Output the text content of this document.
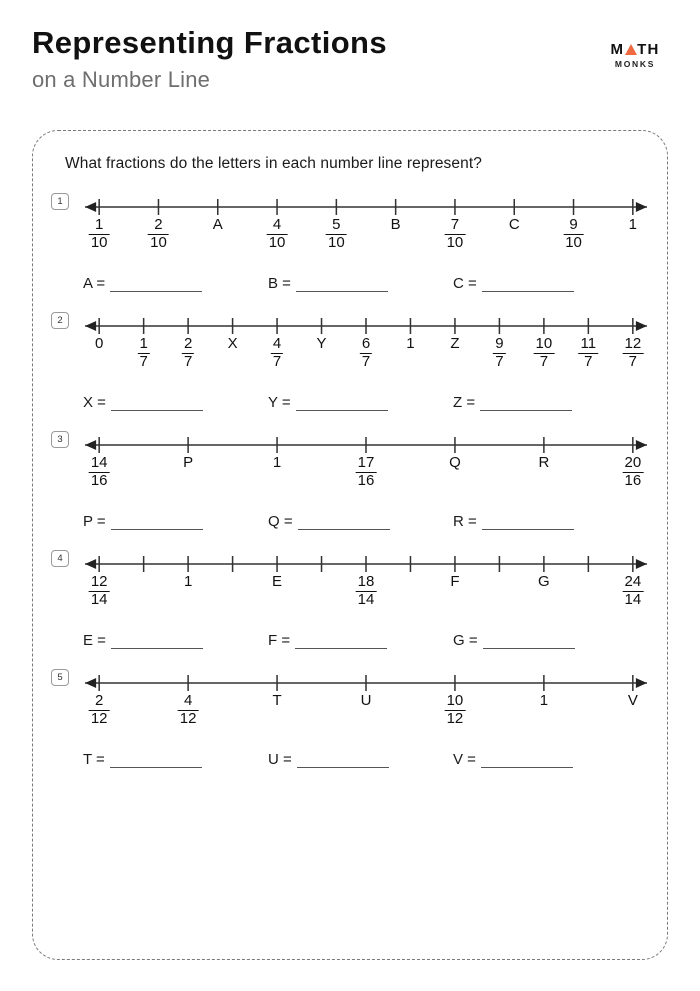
Representing Fractions
on a Number Line
M TH
MONKS
What fractions do the letters in each number line represent?
1
$\frac{1}{10}$	$\frac{2}{10}$	A	$\frac{4}{10}$	$\frac{5}{10}$	B	$\frac{7}{10}$	C	$\frac{9}{10}$	1
A =	B =	C =
2
$0 \frac{1}{7} \frac{2}{7}$ X $\frac{4}{7}$ Y $\frac{6}{7} 1$ Z $\frac{9}{7} \frac{10}{7} \frac{11}{7} \frac{12}{7}$
X =	Y =	Z =
3
$\frac{14}{16}$	P	1	$\frac{17}{16}$	Q	R	$\frac{20}{16}$
P =	Q =	R =
4
$\frac{12}{14}$	1	E	$\frac{18}{14}$	F	G	$\frac{24}{14}$
E =	F =	G =
5
$\frac{2}{12}$	$\frac{4}{12}$	T	U	$\frac{10}{12}$	1	V
T =	U =	V =
